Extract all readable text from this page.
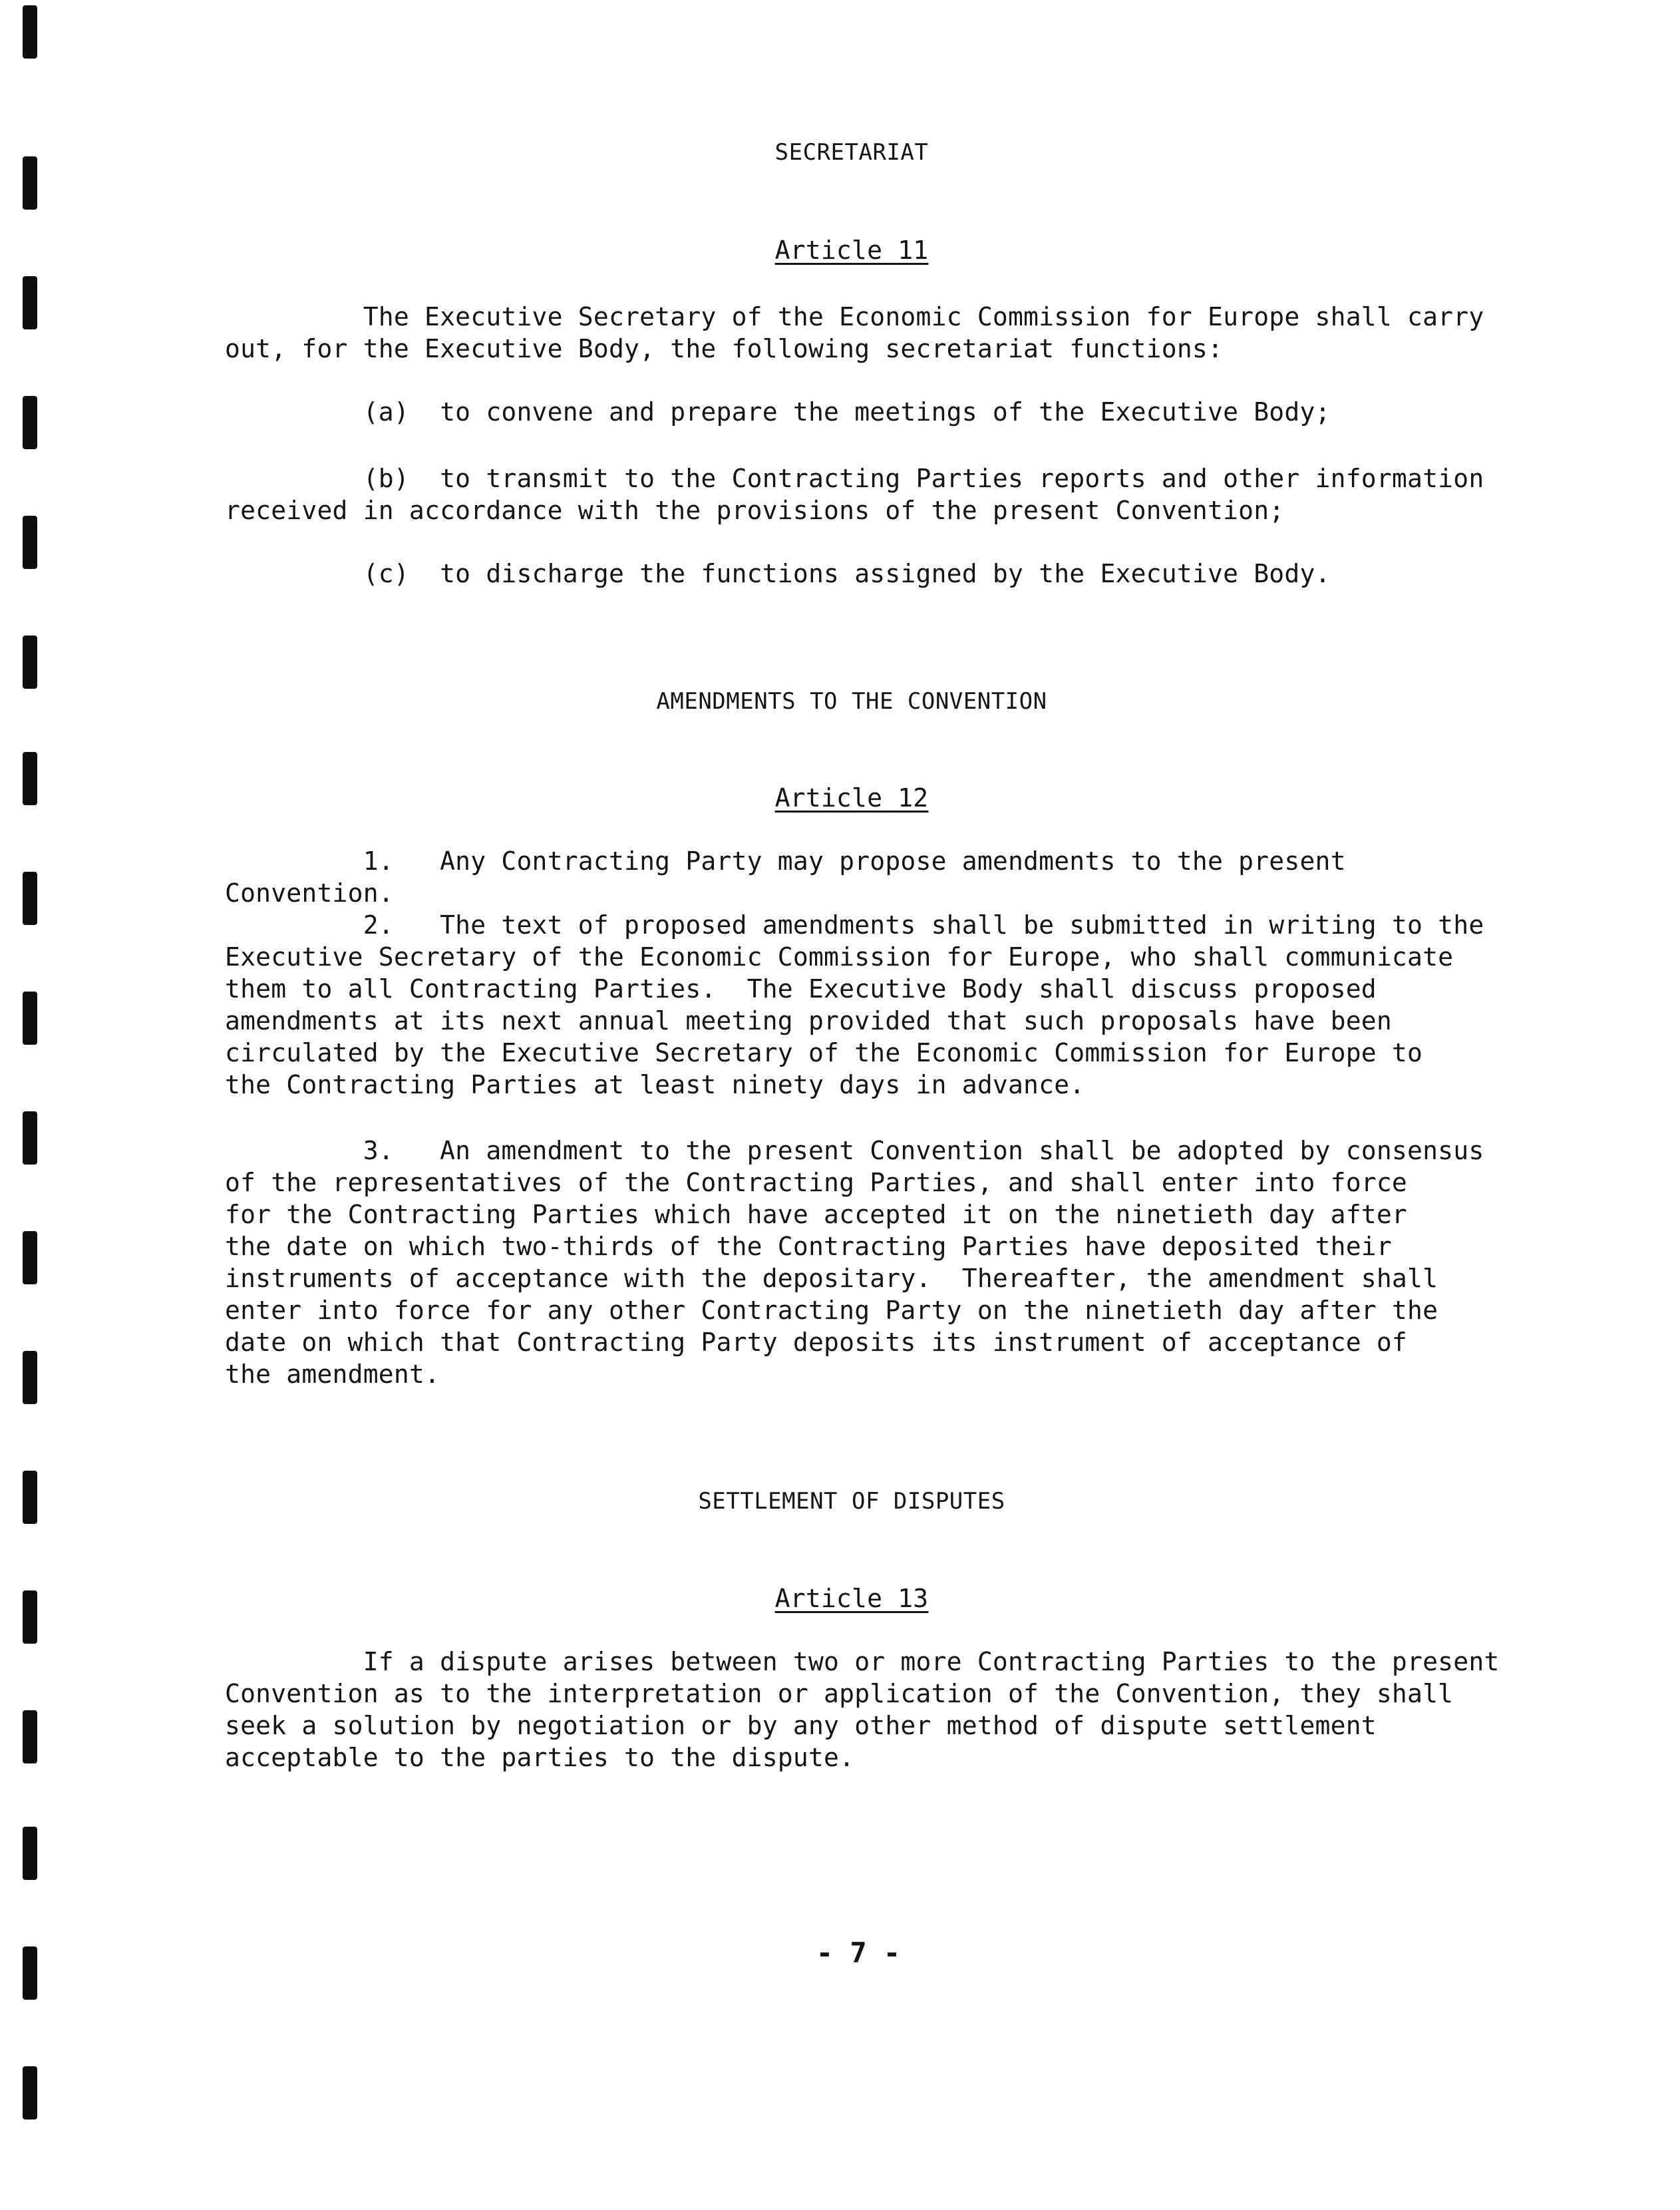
SECRETARIAT
Article 11
The Executive Secretary of the Economic Commission for Europe shall carry
out, for the Executive Body, the following secretariat functions:
(a)  to convene and prepare the meetings of the Executive Body;
(b)  to transmit to the Contracting Parties reports and other information
received in accordance with the provisions of the present Convention;
(c)  to discharge the functions assigned by the Executive Body.
AMENDMENTS TO THE CONVENTION
Article 12
1.   Any Contracting Party may propose amendments to the present Convention.
2.   The text of proposed amendments shall be submitted in writing to the
Executive Secretary of the Economic Commission for Europe, who shall communicate
them to all Contracting Parties.  The Executive Body shall discuss proposed
amendments at its next annual meeting provided that such proposals have been
circulated by the Executive Secretary of the Economic Commission for Europe to
the Contracting Parties at least ninety days in advance.
3.   An amendment to the present Convention shall be adopted by consensus
of the representatives of the Contracting Parties, and shall enter into force
for the Contracting Parties which have accepted it on the ninetieth day after
the date on which two-thirds of the Contracting Parties have deposited their
instruments of acceptance with the depositary.  Thereafter, the amendment shall
enter into force for any other Contracting Party on the ninetieth day after the
date on which that Contracting Party deposits its instrument of acceptance of
the amendment.
SETTLEMENT OF DISPUTES
Article 13
If a dispute arises between two or more Contracting Parties to the present
Convention as to the interpretation or application of the Convention, they shall
seek a solution by negotiation or by any other method of dispute settlement
acceptable to the parties to the dispute.
- 7 -
